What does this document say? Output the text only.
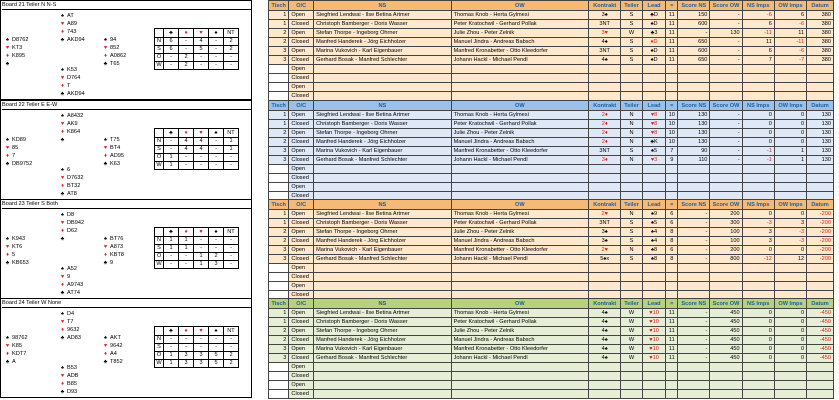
Board 21 Teiler N N-S
♠ AT
♥ A89
♦ 743
♣ AKD94
♠ D8762
♥ KT3
♦ K895
♣
♠ 94
♥ 852
♦ A0862
♣ T65
♠ K53
♥ D764
♦ T
♣ AKD94
	♣	♦	♥	♠	NT
N	6	-	4	-	2
S	6	-	5	-	2
O	-	2	-	-	-
W	-	2	-	-	-
Tisch	O/C	NS	OW	Kontrakt	Teiler	Lead	=	Score NS	Score OW	NS Imps	OW Imps	Datum
1	Open	Siegfried Lendwai - Ilse Betina Artmer	Thomas Knob - Herta Gylmesi	3♠	S	♣D	11	150	-	-6	6	380
1	Closed	Christoph Bamberger - Doris Wasser	Peter Kratochwil - Gerhard Pollak	3NT	S	♠D	11	600	-	6	-6	380
2	Open	Stefan Thorpe - Ingeborg Ohrner	Julie Zhou - Peter Zelnik	3♥	W	♣3	11	-	130	-11	11	380
2	Closed	Manfred Handerek - Jörg Eichholzer	Manuel Jindra - Andreas Babsch	4♠	S	♦D	11	650	-	11	-11	380
3	Open	Marina Vukovich - Karl Eigenbauer	Manfred Kronabetter - Otto Kleedorfer	3NT	S	♠D	11	600	-	6	-6	380
3	Closed	Gerhard Bosak - Manfred Schlechter	Johann Hackl - Michael Pendl	4♠	S	♠D	11	650	-	7	-7	380
	Open											
	Closed											
	Open											
	Closed											
Board 22 Teiler E E-W
♠ A8432
♥ AK9
♦ K864
♣
♠ KD89
♥ 85
♦ 7
♣ DB9752
♠ T75
♥ BT4
♦ AD95
♣ K63
♠ 6
♥ D7632
♦ BT32
♣ AT8
	♣	♦	♥	♠	NT
N	-	4	4	-	1
S	-	4	4	-	1
O	1	-	-	-	-
W	1	-	-	-	-
Tisch	O/C	NS	OW	Kontrakt	Teiler	Lead	=	Score NS	Score OW	NS Imps	OW Imps	Datum
1	Open	Siegfried Lendwai - Ilse Betina Artmer	Thomas Knob - Herta Gylmesi	2♦	N	♥8	10	130	-	0	0	130
1	Closed	Christoph Bamberger - Doris Wasser	Peter Kratochwil - Gerhard Pollak	2♦	N	♥8	10	130	-	0	0	130
2	Open	Stefan Thorpe - Ingeborg Ohrner	Julie Zhou - Peter Zelnik	2♦	N	♥8	10	130	-	0	0	130
2	Closed	Manfred Handerek - Jörg Eichholzer	Manuel Jindra - Andreas Babsch	2♦	N	♣K	10	130	-	0	0	130
3	Open	Marina Vukovich - Karl Eigenbauer	Manfred Kronabetter - Otto Kleedorfer	3NT	S	♠5	7	90	-	-1	1	130
3	Closed	Gerhard Bosak - Manfred Schlechter	Johann Hackl - Michael Pendl	3♦	N	♥3	9	110	-	-1	1	130
	Open											
	Closed											
	Open											
	Closed											
Board 23 Teiler S Both
♠ D8
♥ DB942
♦ D62
♣
♠ K943
♥ KT6
♦ 5
♣ KB653
♠ BT76
♥ A873
♦ KBT8
♣ 9
♠ A52
♥ 9
♦ A9743
♣ AT74
	♣	♦	♥	♠	NT
N	1	1	-	-	-
S	1	1	-	-	-
O	-	-	1	2	-
W	-	-	1	3	-
Tisch	O/C	NS	OW	Kontrakt	Teiler	Lead	=	Score NS	Score OW	NS Imps	OW Imps	Datum
1	Open	Siegfried Lendwai - Ilse Betina Artmer	Thomas Knob - Herta Gylmesi	2♥	N	♠9	6	-	200	0	0	-200
1	Closed	Christoph Bamberger - Doris Wasser	Peter Kratochwil - Gerhard Pollak	3NT	S	♠5	6	-	300	-3	3	-200
2	Open	Stefan Thorpe - Ingeborg Ohrner	Julie Zhou - Peter Zelnik	3♠	S	♠4	8	-	100	3	-3	-200
2	Closed	Manfred Handerek - Jörg Eichholzer	Manuel Jindra - Andreas Babsch	3♠	S	♠4	8	-	100	3	-3	-200
3	Open	Marina Vukovich - Karl Eigenbauer	Manfred Kronabetter - Otto Kleedorfer	2♥	N	♠8	6	-	200	0	0	-200
3	Closed	Gerhard Bosak - Manfred Schlechter	Johann Hackl - Michael Pendl	5♠x	S	♠8	8	-	800	-12	12	-200
	Open											
	Closed											
	Open											
	Closed											
Board 24 Teiler W None
♠ D4
♥ T7
♦ 9632
♣ AD83
♠ 98762
♥ K85
♦ KDT7
♣ A
♠ AKT
♥ 9642
♦ A4
♣ T852
♠ B53
♥ ADB
♦ B85
♣ D93
	♣	♦	♥	♠	NT
N	-	-	-	-	-
S	-	-	-	-	-
O	1	3	3	5	2
W	1	3	3	5	2
Tisch	O/C	NS	OW	Kontrakt	Teiler	Lead	=	Score NS	Score OW	NS Imps	OW Imps	Datum
1	Open	Siegfried Lendwai - Ilse Betina Artmer	Thomas Knob - Herta Gylmesi	4♠	W	♥10	11	-	450	0	0	-450
1	Closed	Christoph Bamberger - Doris Wasser	Peter Kratochwil - Gerhard Pollak	4♠	W	♥10	11	-	450	0	0	-450
2	Open	Stefan Thorpe - Ingeborg Ohrner	Julie Zhou - Peter Zelnik	4♠	W	♥10	11	-	450	0	0	-450
2	Closed	Manfred Handerek - Jörg Eichholzer	Manuel Jindra - Andreas Babsch	4♠	W	♥10	11	-	450	0	0	-450
3	Open	Marina Vukovich - Karl Eigenbauer	Manfred Kronabetter - Otto Kleedorfer	4♠	W	♥10	11	-	450	0	0	-450
3	Closed	Gerhard Bosak - Manfred Schlechter	Johann Hackl - Michael Pendl	4♠	W	♥10	11	-	450	0	0	-450
	Open											
	Closed											
	Open											
	Closed											
